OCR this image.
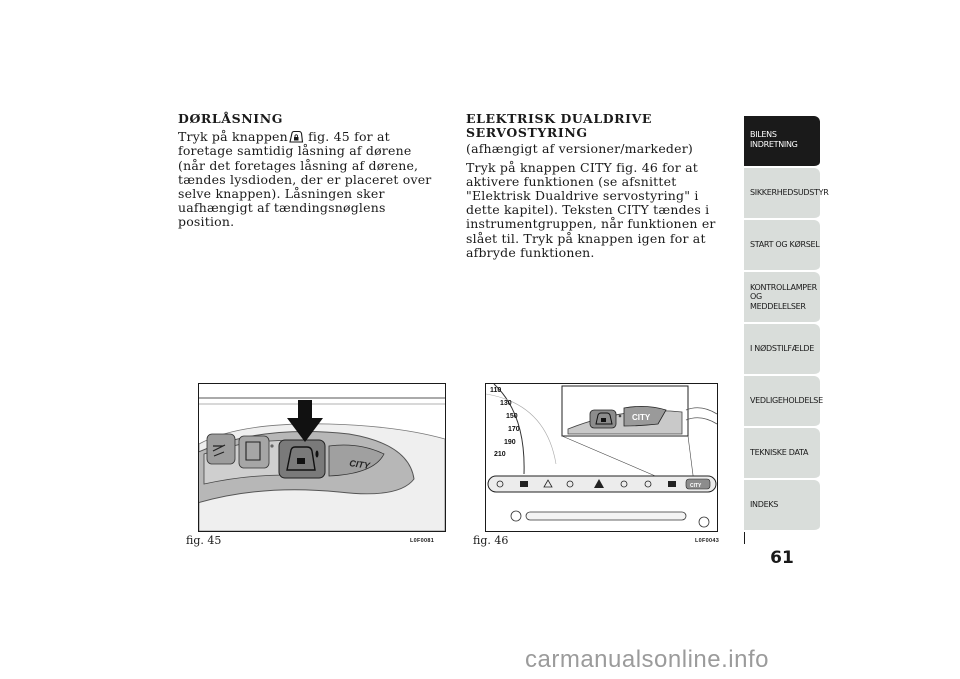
DØRLÅSNING

Tryk på knappen fig. 45 for at foretage samtidig låsning af dørene (når det foretages låsning af dørene, tændes lysdioden, der er placeret over selve knappen). Låsningen sker uafhængigt af tændingsnøglens position.

ELEKTRISK DUALDRIVE SERVOSTYRING
(afhængigt af versioner/markeder)

Tryk på knappen CITY fig. 46 for at aktivere funktionen (se afsnittet "Elektrisk Dualdrive servostyring" i dette kapitel). Teksten CITY tændes i instrumentgruppen, når funktionen er slået til. Tryk på knappen igen for at afbryde funktionen.

CITY
fig. 45	L0F0081
110
130
150
170
190
210
CITY
CITY
fig. 46	L0F0043
BILENS INDRETNING
SIKKERHEDSUDSTYR
START OG KØRSEL
KONTROLLAMPER OG MEDDELELSER
I NØDSTILFÆLDE
VEDLIGEHOLDELSE
TEKNISKE DATA
INDEKS
61
carmanualsonline.info
